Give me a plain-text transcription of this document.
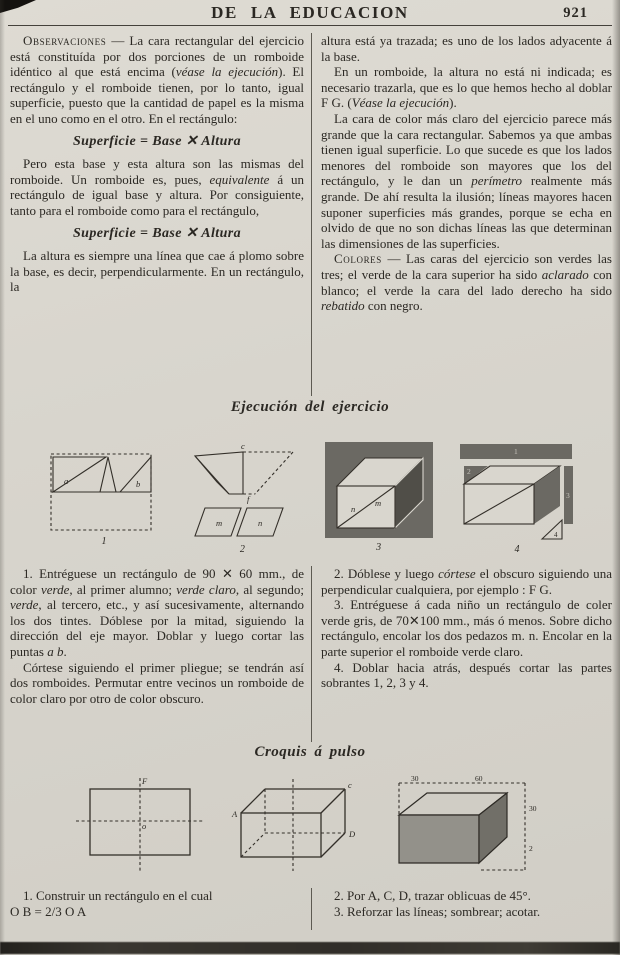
DE LA EDUCACION	921

Observaciones — La cara rectangular del ejercicio está constituída por dos porciones de un romboide idéntico al que está encima (véase la ejecución). El rectángulo y el romboide tienen, por lo tanto, igual superficie, puesto que la cantidad de papel es la misma en el uno como en el otro. En el rectángulo:

Superficie = Base ✕ Altura

Pero esta base y esta altura son las mismas del romboide. Un romboide es, pues, equivalente á un rectángulo de igual base y altura. Por consiguiente, tanto para el romboide como para el rectángulo,

Superficie = Base ✕ Altura

La altura es siempre una línea que cae á plomo sobre la base, es decir, perpendicularmente. En un rectángulo, la

altura está ya trazada; es uno de los lados adyacente á la base.

En un romboide, la altura no está ni indicada; es necesario trazarla, que es lo que hemos hecho al doblar F G. (Véase la ejecución).

La cara de color más claro del ejercicio parece más grande que la cara rectangular. Sabemos ya que ambas tienen igual superficie. Lo que sucede es que los lados menores del romboide son mayores que los del rectángulo, y le dan un perímetro realmente más grande. De ahí resulta la ilusión; líneas mayores hacen suponer superficies más grandes, porque se echa en olvido de que no son dichas líneas las que determinan las dimensiones de las superficies.

Colores — Las caras del ejercicio son verdes las tres; el verde de la cara superior ha sido aclarado con blanco; el verde la cara del lado derecho ha sido rebatido con negro.

Ejecución del ejercicio
a	b
1
c
f
m	n
2
n
m
3
1
2
3
4
4

1. Entréguese un rectángulo de 90 ✕ 60 mm., de color verde, al primer alumno; verde claro, al segundo; verde, al tercero, etc., y así sucesivamente, alternando los dos tintes. Dóblese por la mitad, siguiendo la dirección del eje mayor. Doblar y luego cortar las puntas a b.

Córtese siguiendo el primer pliegue; se tendrán así dos romboides. Permutar entre vecinos un romboide de color claro por otro de color obscuro.

2. Dóblese y luego córtese el obscuro siguiendo una perpendicular cualquiera, por ejemplo : F G.

3. Entréguese á cada niño un rectángulo de coler verde gris, de 70✕100 mm., más ó menos. Sobre dicho rectángulo, encolar los dos pedazos m. n. Encolar en la parte superior el romboide verde claro.

4. Doblar hacia atrás, después cortar las partes sobrantes 1, 2, 3 y 4.

Croquis á pulso
F
o
A
c
D
30	60
30
2

1. Construir un rectángulo en el cual

O B = 2/3 O A

2. Por A, C, D, trazar oblicuas de 45°.

3. Reforzar las líneas; sombrear; acotar.
